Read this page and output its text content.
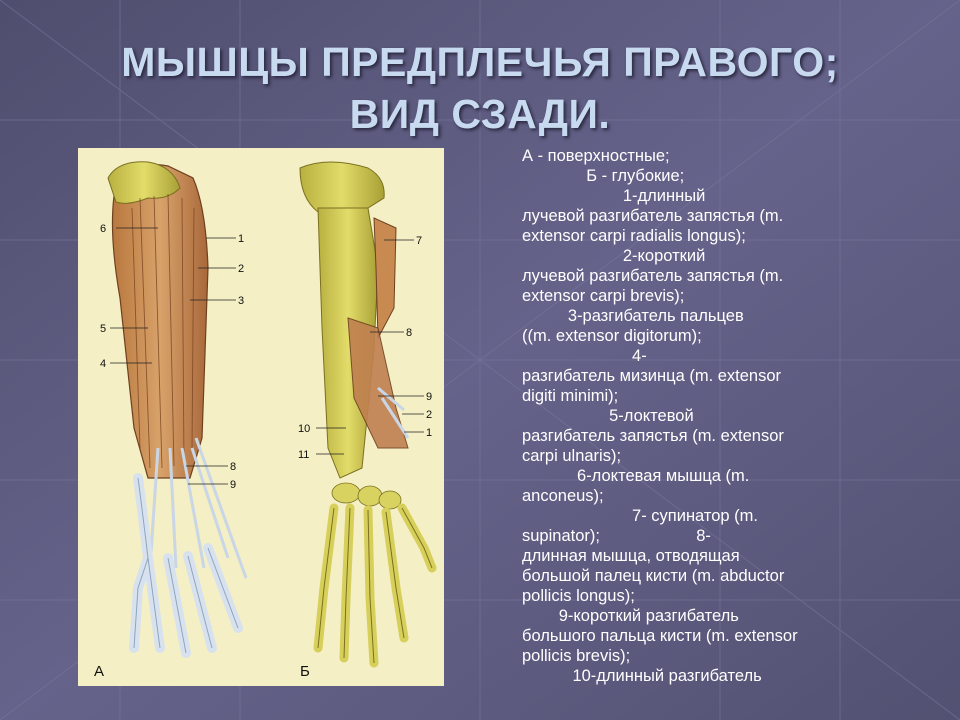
МЫШЦЫ ПРЕДПЛЕЧЬЯ ПРАВОГО;
ВИД СЗАДИ.
6
1
2
3
5
4
8
9
А
7
8
9
2
1
10
11
Б

А - поверхностные;

Б - глубокие;

1-длинный

лучевой разгибатель запястья (m.

extensor carpi radialis longus);

2-короткий

лучевой разгибатель запястья (m.

extensor carpi brevis);

3-разгибатель пальцев

((m. extensor digitorum);

4-

разгибатель мизинца (m. extensor

digiti minimi);

5-локтевой

разгибатель запястья (m. extensor

carpi ulnaris);

6-локтевая мышца (m.

anconeus);

7- супинатор (m.

supinator);                     8-

длинная мышца, отводящая

большой палец кисти (m. abductor

pollicis longus);

9-короткий разгибатель

большого пальца кисти (m. extensor

pollicis brevis);

10-длинный разгибатель
